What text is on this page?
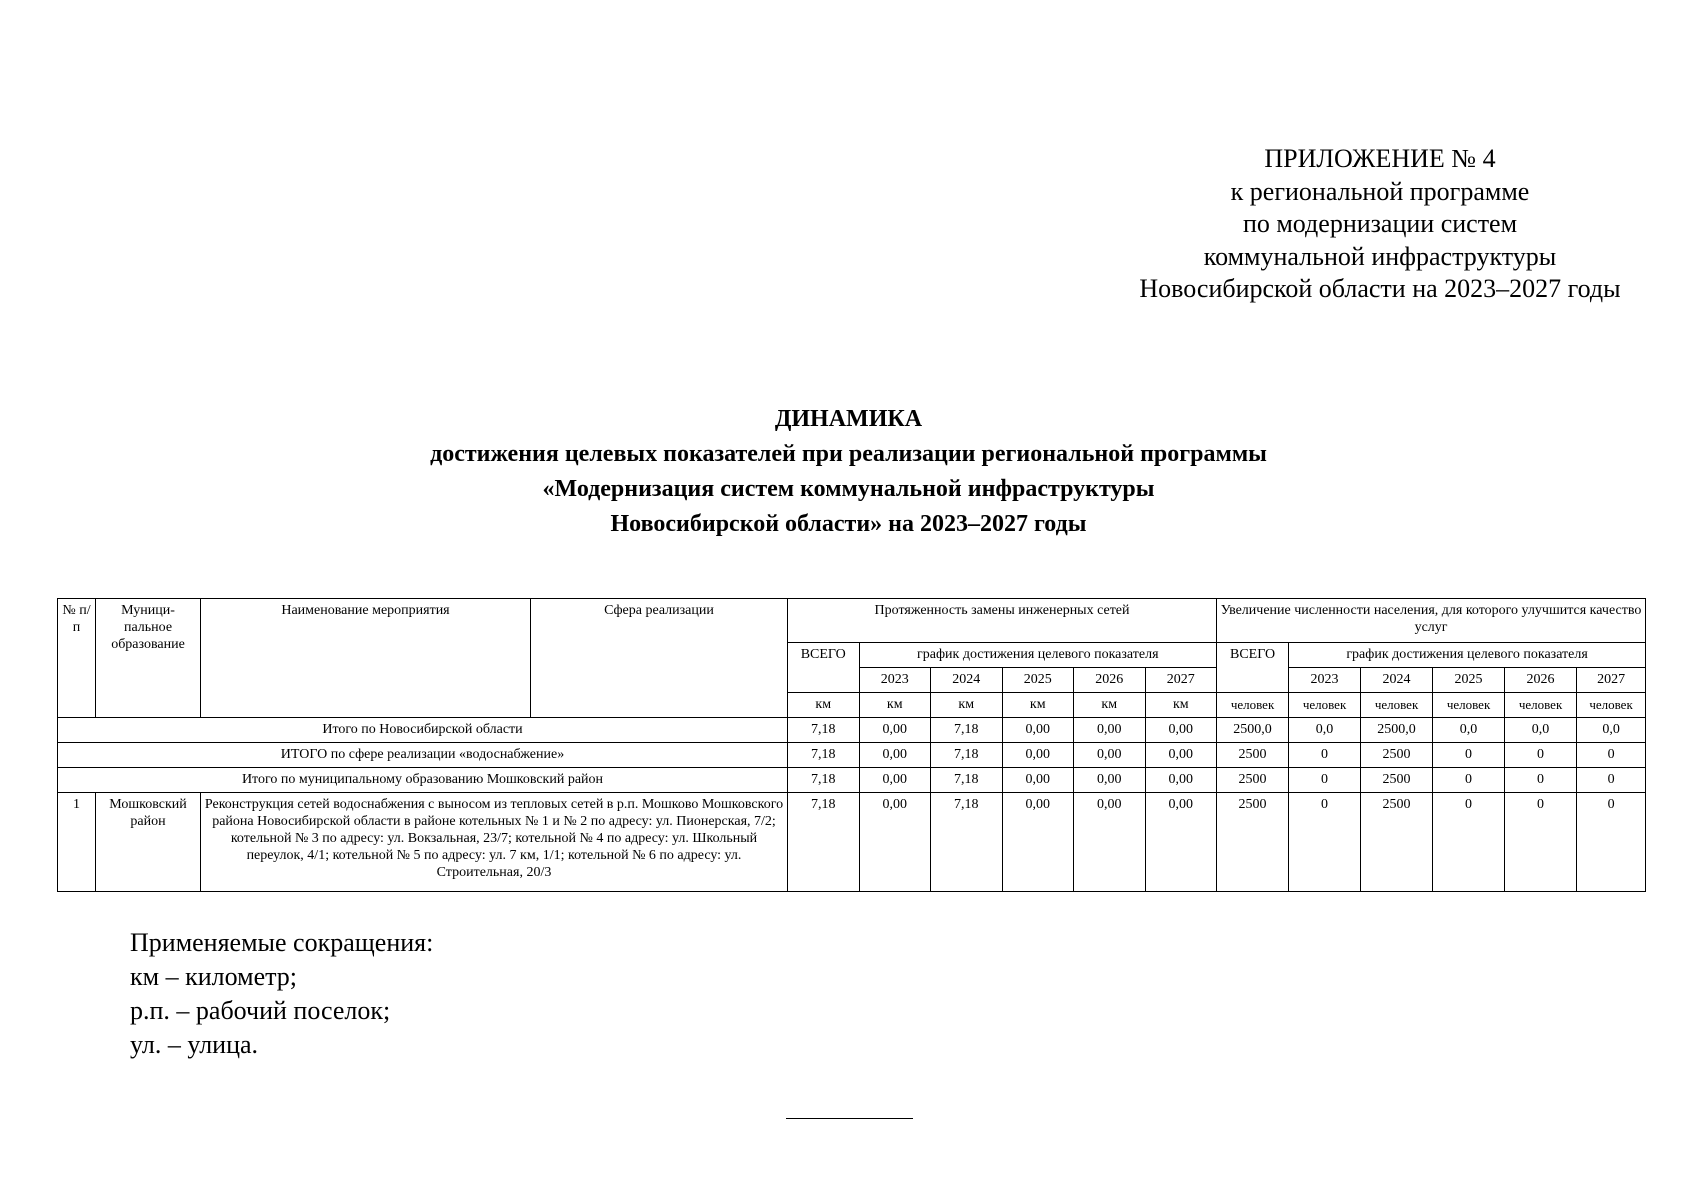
ПРИЛОЖЕНИЕ № 4
к региональной программе
по модернизации систем
коммунальной инфраструктуры
Новосибирской области на 2023–2027 годы
ДИНАМИКА
достижения целевых показателей при реализации региональной программы
«Модернизация систем коммунальной инфраструктуры
Новосибирской области» на 2023–2027 годы
№ п/п	Муници-пальное образование	Наименование мероприятия	Сфера реализации	Протяженность замены инженерных сетей						Увеличение численности населения, для которого улучшится качество услуг					
				ВСЕГО	график достижения целевого показателя					ВСЕГО	график достижения целевого показателя				
					2023	2024	2025	2026	2027		2023	2024	2025	2026	2027
				км	км	км	км	км	км	человек	человек	человек	человек	человек	человек
Итого по Новосибирской области				7,18	0,00	7,18	0,00	0,00	0,00	2500,0	0,0	2500,0	0,0	0,0	0,0
ИТОГО по сфере реализации «водоснабжение»				7,18	0,00	7,18	0,00	0,00	0,00	2500	0	2500	0	0	0
Итого по муниципальному образованию Мошковский район				7,18	0,00	7,18	0,00	0,00	0,00	2500	0	2500	0	0	0
1	Мошковский район	Реконструкция сетей водоснабжения с выносом из тепловых сетей в р.п. Мошково Мошковского района Новосибирской области в районе котельных № 1 и № 2 по адресу: ул. Пионерская, 7/2; котельной № 3 по адресу: ул. Вокзальная, 23/7; котельной № 4 по адресу: ул. Школьный переулок, 4/1; котельной № 5 по адресу: ул. 7 км, 1/1; котельной № 6 по адресу: ул. Строительная, 20/3		7,18	0,00	7,18	0,00	0,00	0,00	2500	0	2500	0	0	0
Применяемые сокращения:
км – километр;
р.п. – рабочий поселок;
ул. – улица.
